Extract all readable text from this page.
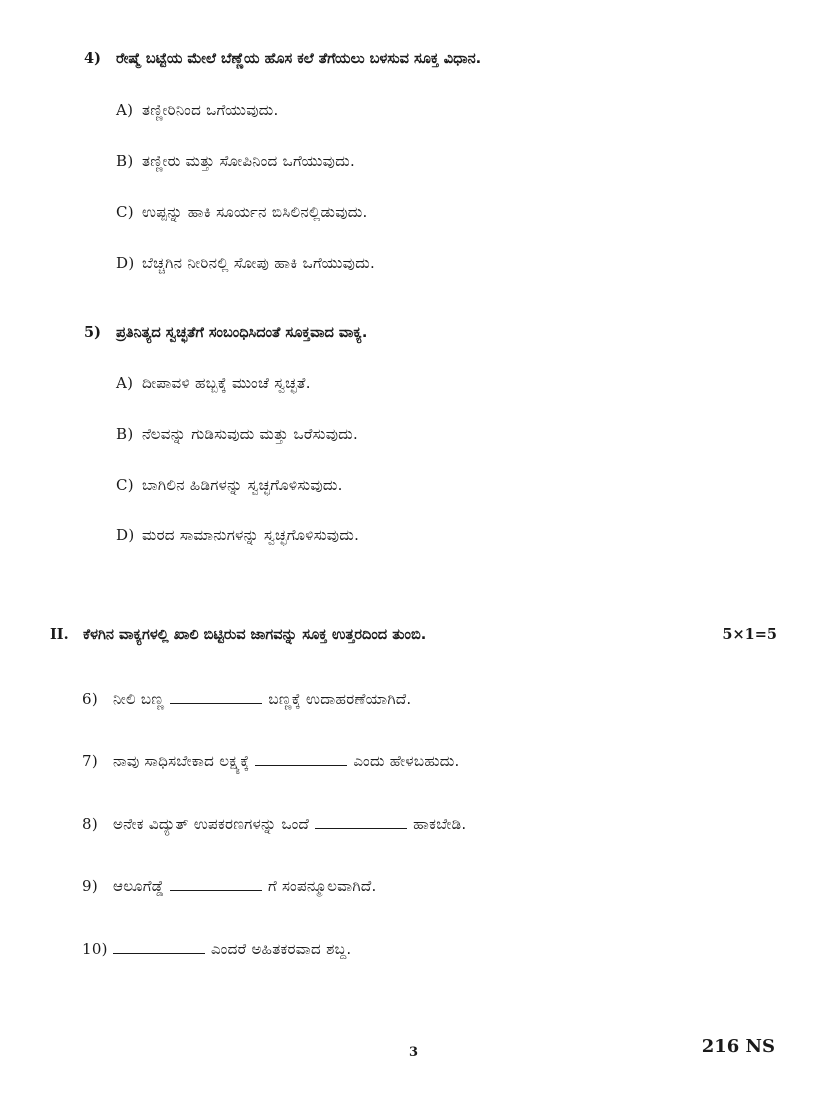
4) ರೇಷ್ಮೆ ಬಟ್ಟೆಯ ಮೇಲೆ ಬೆಣ್ಣೆಯ ಹೊಸ ಕಲೆ ತೆಗೆಯಲು ಬಳಸುವ ಸೂಕ್ತ ವಿಧಾನ.
A) ತಣ್ಣೀರಿನಿಂದ ಒಗೆಯುವುದು.
B) ತಣ್ಣೀರು ಮತ್ತು ಸೋಪಿನಿಂದ ಒಗೆಯುವುದು.
C) ಉಪ್ಪನ್ನು ಹಾಕಿ ಸೂರ್ಯನ ಬಿಸಿಲಿನಲ್ಲಿಡುವುದು.
D) ಬೆಚ್ಚಗಿನ ನೀರಿನಲ್ಲಿ ಸೋಪು ಹಾಕಿ ಒಗೆಯುವುದು.
5) ಪ್ರತಿನಿತ್ಯದ ಸ್ವಚ್ಛತೆಗೆ ಸಂಬಂಧಿಸಿದಂತೆ ಸೂಕ್ತವಾದ ವಾಕ್ಯ.
A) ದೀಪಾವಳಿ ಹಬ್ಬಕ್ಕೆ ಮುಂಚೆ ಸ್ವಚ್ಛತೆ.
B) ನೆಲವನ್ನು ಗುಡಿಸುವುದು ಮತ್ತು ಒರೆಸುವುದು.
C) ಬಾಗಿಲಿನ ಹಿಡಿಗಳನ್ನು ಸ್ವಚ್ಛಗೊಳಿಸುವುದು.
D) ಮರದ ಸಾಮಾನುಗಳನ್ನು ಸ್ವಚ್ಛಗೊಳಿಸುವುದು.
II. ಕೆಳಗಿನ ವಾಕ್ಯಗಳಲ್ಲಿ ಖಾಲಿ ಬಿಟ್ಟಿರುವ ಜಾಗವನ್ನು ಸೂಕ್ತ ಉತ್ತರದಿಂದ ತುಂಬಿ.	5×1=5
6) ನೀಲಿ ಬಣ್ಣ	ಬಣ್ಣಕ್ಕೆ ಉದಾಹರಣೆಯಾಗಿದೆ.
7) ನಾವು ಸಾಧಿಸಬೇಕಾದ ಲಕ್ಷ್ಯಕ್ಕೆ	ಎಂದು ಹೇಳಬಹುದು.
8) ಅನೇಕ ವಿದ್ಯುತ್ ಉಪಕರಣಗಳನ್ನು ಒಂದೆ	ಹಾಕಬೇಡಿ.
9) ಆಲೂಗೆಡ್ಡೆ	ಗೆ ಸಂಪನ್ಮೂಲವಾಗಿದೆ.
10)	ಎಂದರೆ ಅಹಿತಕರವಾದ ಶಬ್ದ.
3	216 NS
